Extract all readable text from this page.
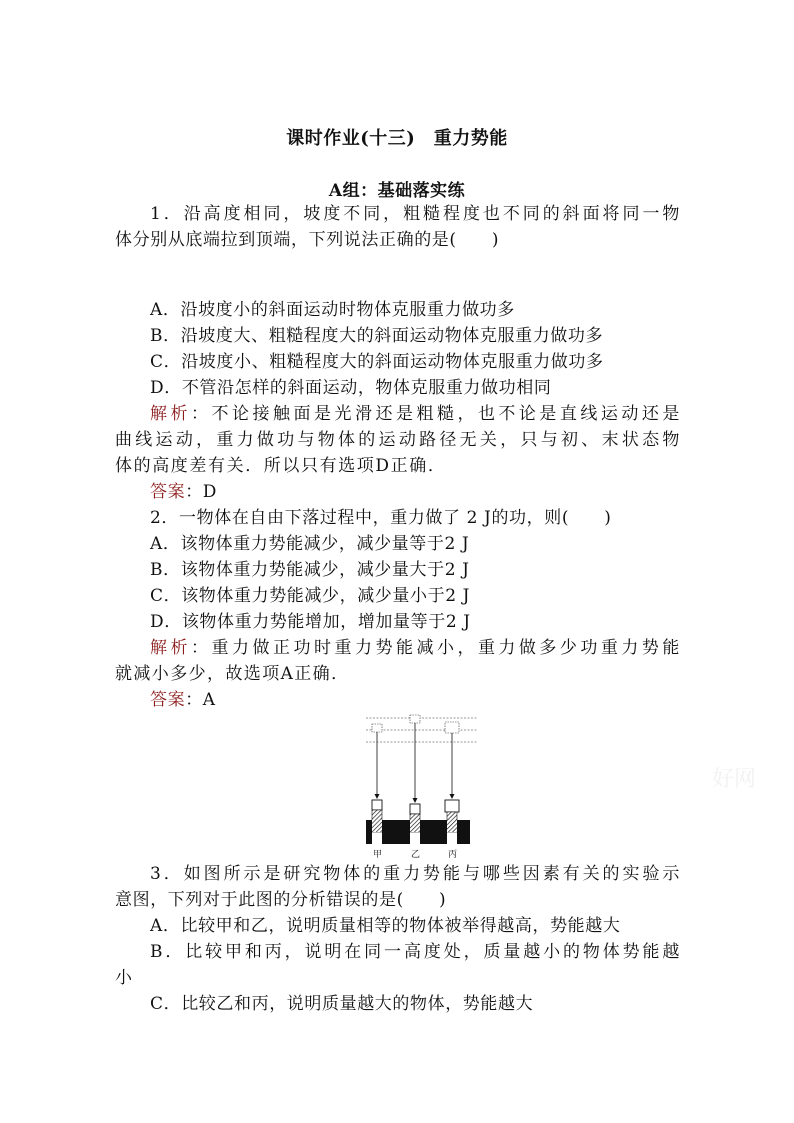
课时作业(十三)　重力势能
A组：基础落实练
1．沿高度相同，坡度不同，粗糙程度也不同的斜面将同一物
体分别从底端拉到顶端，下列说法正确的是(　　)
A．沿坡度小的斜面运动时物体克服重力做功多
B．沿坡度大、粗糙程度大的斜面运动物体克服重力做功多
C．沿坡度小、粗糙程度大的斜面运动物体克服重力做功多
D．不管沿怎样的斜面运动，物体克服重力做功相同
解析：不论接触面是光滑还是粗糙，也不论是直线运动还是
曲线运动，重力做功与物体的运动路径无关，只与初、末状态物
体的高度差有关．所以只有选项D正确．
答案：D
2．一物体在自由下落过程中，重力做了 2 J的功，则(　　)
A．该物体重力势能减少，减少量等于2 J
B．该物体重力势能减少，减少量大于2 J
C．该物体重力势能减少，减少量小于2 J
D．该物体重力势能增加，增加量等于2 J
解析：重力做正功时重力势能减小，重力做多少功重力势能
就减小多少，故选项A正确．
答案：A
甲	乙	丙
好网
3．如图所示是研究物体的重力势能与哪些因素有关的实验示
意图，下列对于此图的分析错误的是(　　)
A．比较甲和乙，说明质量相等的物体被举得越高，势能越大
B．比较甲和丙，说明在同一高度处，质量越小的物体势能越
小
C．比较乙和丙，说明质量越大的物体，势能越大
